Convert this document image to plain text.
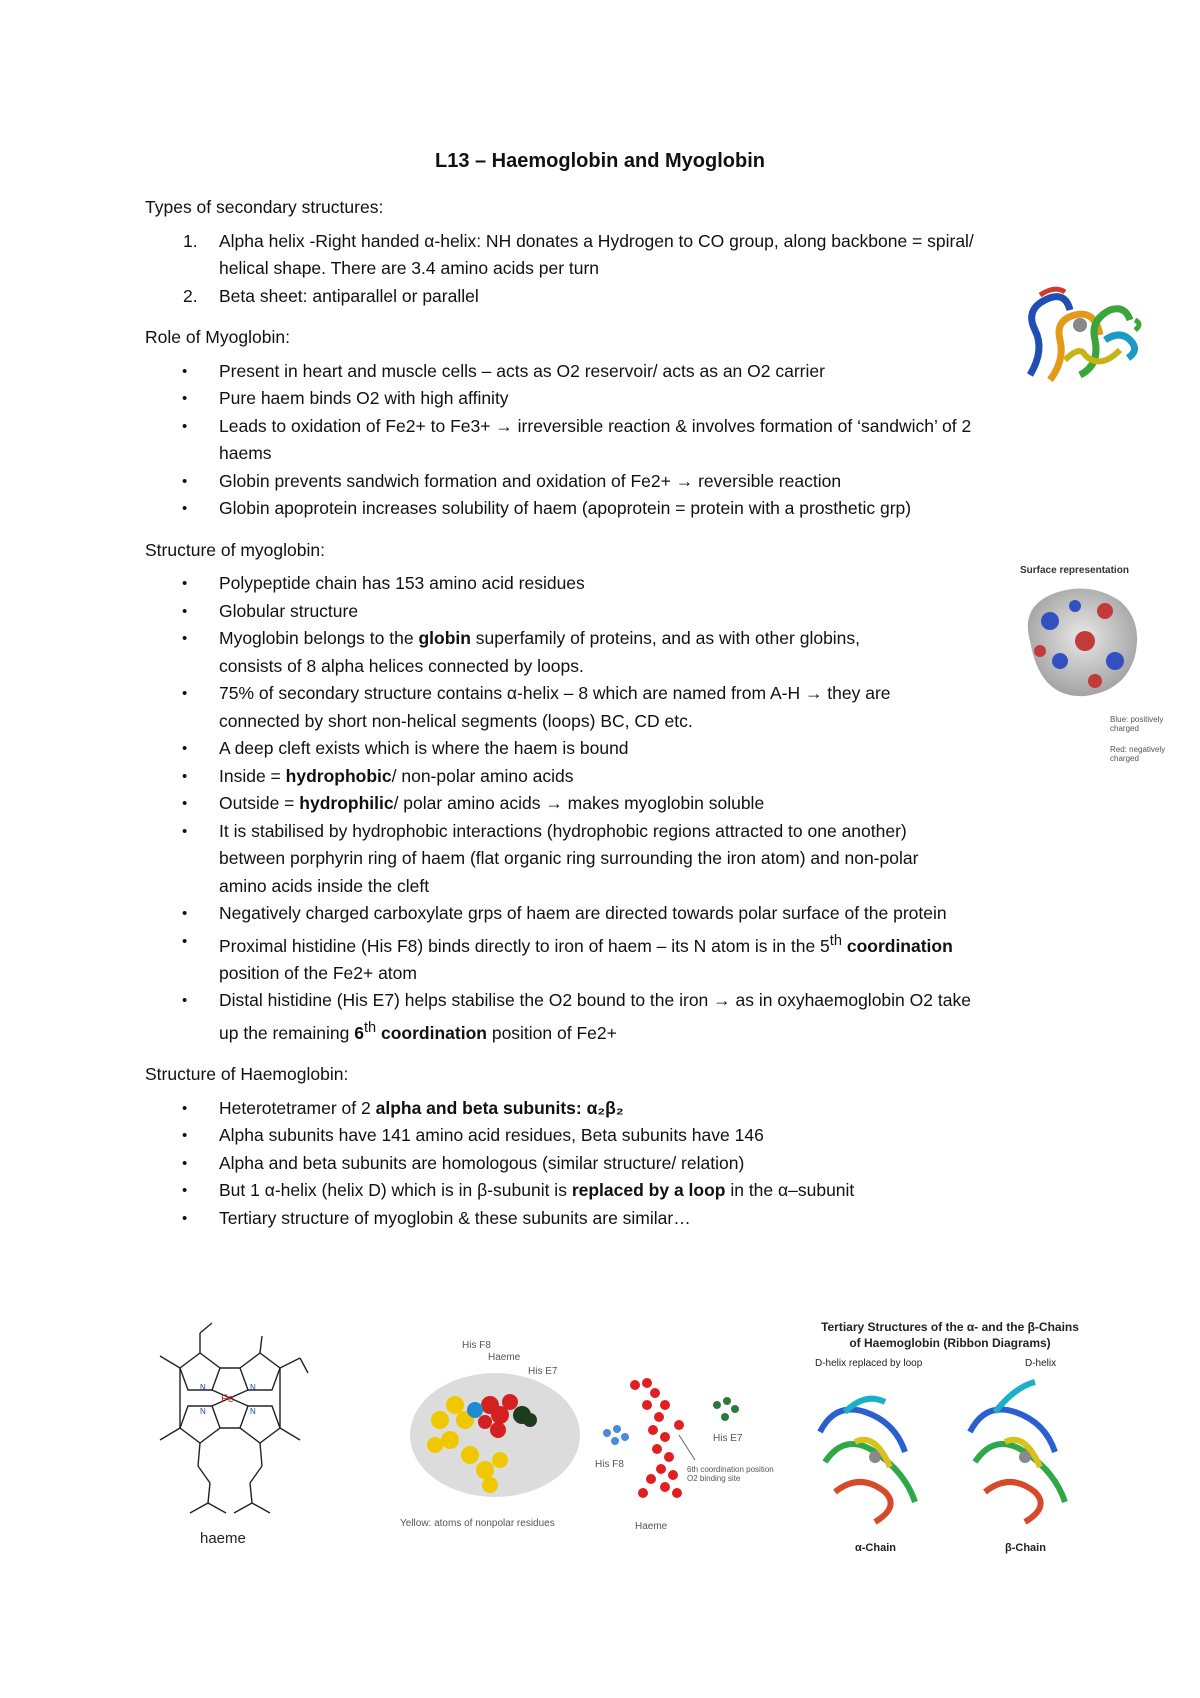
L13 – Haemoglobin and Myoglobin

Types of secondary structures:

1. Alpha helix -Right handed α-helix: NH donates a Hydrogen to CO group, along backbone = spiral/
helical shape. There are 3.4 amino acids per turn
2. Beta sheet: antiparallel or parallel

Role of Myoglobin:

• Present in heart and muscle cells – acts as O2 reservoir/ acts as an O2 carrier
• Pure haem binds O2 with high affinity
• Leads to oxidation of Fe2+ to Fe3+ → irreversible reaction & involves formation of ‘sandwich’ of 2
haems
• Globin prevents sandwich formation and oxidation of Fe2+ → reversible reaction
• Globin apoprotein increases solubility of haem (apoprotein = protein with a prosthetic grp)

Structure of myoglobin:

• Polypeptide chain has 153 amino acid residues
• Globular structure
• Myoglobin belongs to the globin superfamily of proteins, and as with other globins,
consists of 8 alpha helices connected by loops.
• 75% of secondary structure contains α-helix – 8 which are named from A-H → they are
connected by short non-helical segments (loops) BC, CD etc.
• A deep cleft exists which is where the haem is bound
• Inside = hydrophobic/ non-polar amino acids
• Outside = hydrophilic/ polar amino acids → makes myoglobin soluble
• It is stabilised by hydrophobic interactions (hydrophobic regions attracted to one another)
between porphyrin ring of haem (flat organic ring surrounding the iron atom) and non-polar
amino acids inside the cleft
• Negatively charged carboxylate grps of haem are directed towards polar surface of the protein
• Proximal histidine (His F8) binds directly to iron of haem – its N atom is in the 5th coordination
position of the Fe2+ atom
• Distal histidine (His E7) helps stabilise the O2 bound to the iron → as in oxyhaemoglobin O2 take
up the remaining 6th coordination position of Fe2+

Structure of Haemoglobin:

• Heterotetramer of 2 alpha and beta subunits: α₂β₂
• Alpha subunits have 141 amino acid residues, Beta subunits have 146
• Alpha and beta subunits are homologous (similar structure/ relation)
• But 1 α-helix (helix D) which is in β-subunit is replaced by a loop in the α–subunit
• Tertiary structure of myoglobin & these subunits are similar…
Surface representation
Blue: positively charged
Red: negatively charged
Fe
N	N
N	N
haeme
His F8
Haeme
His E7
Yellow: atoms of nonpolar residues
His F8
His E7
6th coordination position O2 binding site
Haeme
Tertiary Structures of the α- and the β-Chains
of Haemoglobin (Ribbon Diagrams)
D-helix replaced by loop	D-helix
α-Chain	β-Chain
